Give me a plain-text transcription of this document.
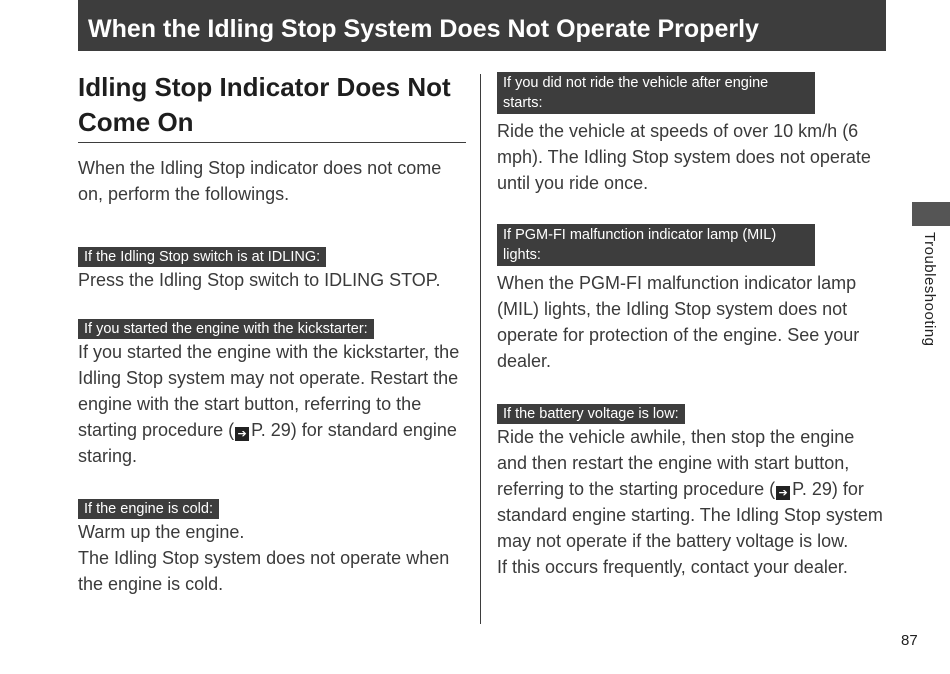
When the Idling Stop System Does Not Operate Properly
Idling Stop Indicator Does Not Come On

When the Idling Stop indicator does not come on, perform the followings.

If the Idling Stop switch is at IDLING:

Press the Idling Stop switch to IDLING STOP.

If you started the engine with the kickstarter:

If you started the engine with the kickstarter, the Idling Stop system may not operate. Restart the engine with the start button, referring to the starting procedure ( ➔ P. 29) for standard engine staring.

If the engine is cold:

Warm up the engine.

The Idling Stop system does not operate when the engine is cold.

If you did not ride the vehicle after engine starts:

Ride the vehicle at speeds of over 10 km/h (6 mph). The Idling Stop system does not operate until you ride once.

If PGM-FI malfunction indicator lamp (MIL) lights:

When the PGM-FI malfunction indicator lamp (MIL) lights, the Idling Stop system does not operate for protection of the engine. See your dealer.

If the battery voltage is low:

Ride the vehicle awhile, then stop the engine and then restart the engine with start button, referring to the starting procedure ( ➔ P. 29) for standard engine starting. The Idling Stop system may not operate if the battery voltage is low.

If this occurs frequently, contact your dealer.

Troubleshooting
87
